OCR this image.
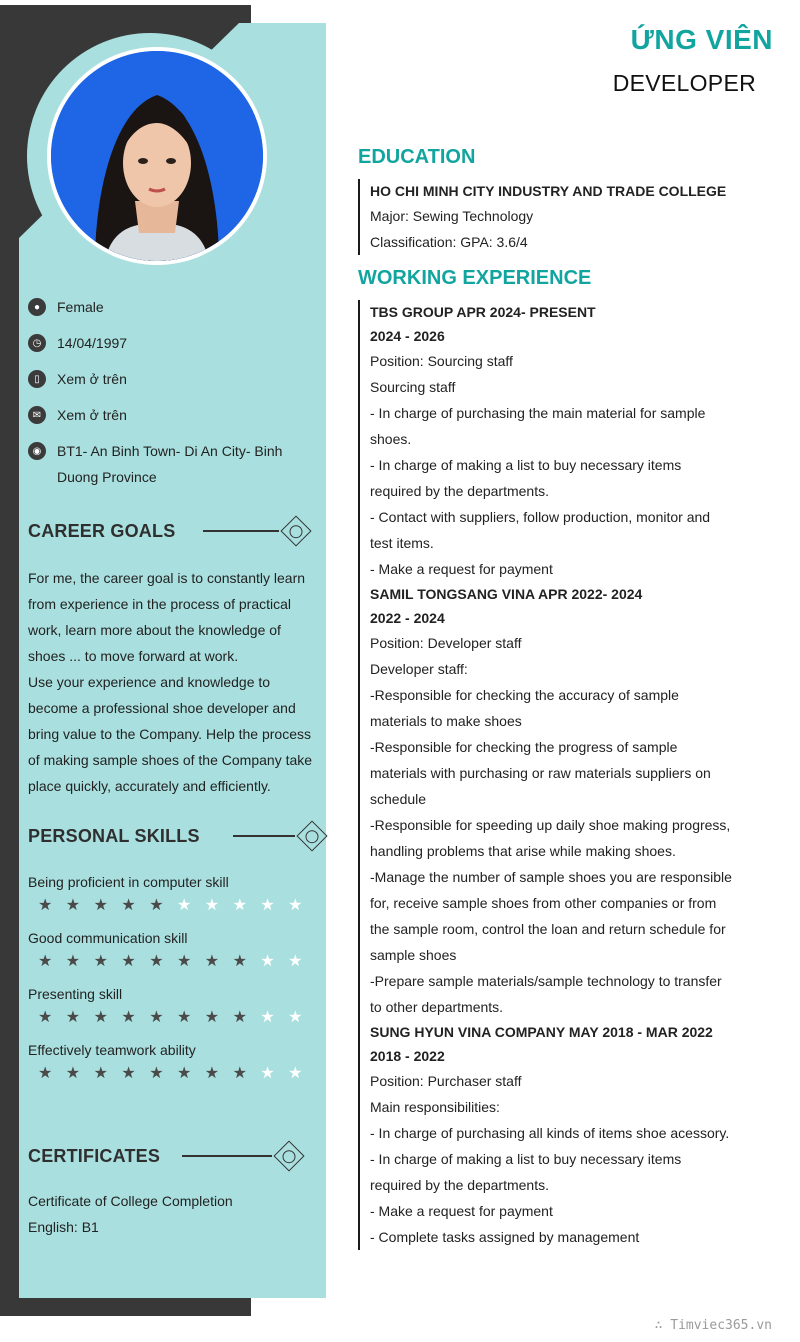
●	Female
◷	14/04/1997
▯	Xem ở trên
✉	Xem ở trên
◉	BT1- An Binh Town- Di An City- Binh Duong Province
CAREER GOALS

For me, the career goal is to constantly learn from experience in the process of practical work, learn more about the knowledge of shoes ... to move forward at work.

Use your experience and knowledge to become a professional shoe developer and bring value to the Company. Help the process of making sample shoes of the Company take place quickly, accurately and efficiently.

PERSONAL SKILLS
Being proficient in computer skill
★ ★ ★ ★ ★ ★ ★ ★ ★ ★
Good communication skill
★ ★ ★ ★ ★ ★ ★ ★ ★ ★
Presenting skill
★ ★ ★ ★ ★ ★ ★ ★ ★ ★
Effectively teamwork ability
★ ★ ★ ★ ★ ★ ★ ★ ★ ★
CERTIFICATES
Certificate of College Completion
English: B1
ỨNG VIÊN
DEVELOPER
EDUCATION
HO CHI MINH CITY INDUSTRY AND TRADE COLLEGE
Major: Sewing Technology
Classification: GPA: 3.6/4
WORKING EXPERIENCE
TBS GROUP APR 2024- PRESENT
2024 - 2026
Position: Sourcing staff
Sourcing staff
- In charge of purchasing the main material for sample shoes.
- In charge of making a list to buy necessary items required by the departments.
- Contact with suppliers, follow production, monitor and test items.
- Make a request for payment
SAMIL TONGSANG VINA APR 2022- 2024
2022 - 2024
Position: Developer staff
Developer staff:
-Responsible for checking the accuracy of sample materials to make shoes
-Responsible for checking the progress of sample materials with purchasing or raw materials suppliers on schedule
-Responsible for speeding up daily shoe making progress, handling problems that arise while making shoes.
-Manage the number of sample shoes you are responsible for, receive sample shoes from other companies or from the sample room, control the loan and return schedule for sample shoes
-Prepare sample materials/sample technology to transfer to other departments.
SUNG HYUN VINA COMPANY MAY 2018 - MAR 2022
2018 - 2022
Position: Purchaser staff
Main responsibilities:
- In charge of purchasing all kinds of items shoe acessory.
- In charge of making a list to buy necessary items required by the departments.
- Make a request for payment
- Complete tasks assigned by management
∴ Timviec365.vn
